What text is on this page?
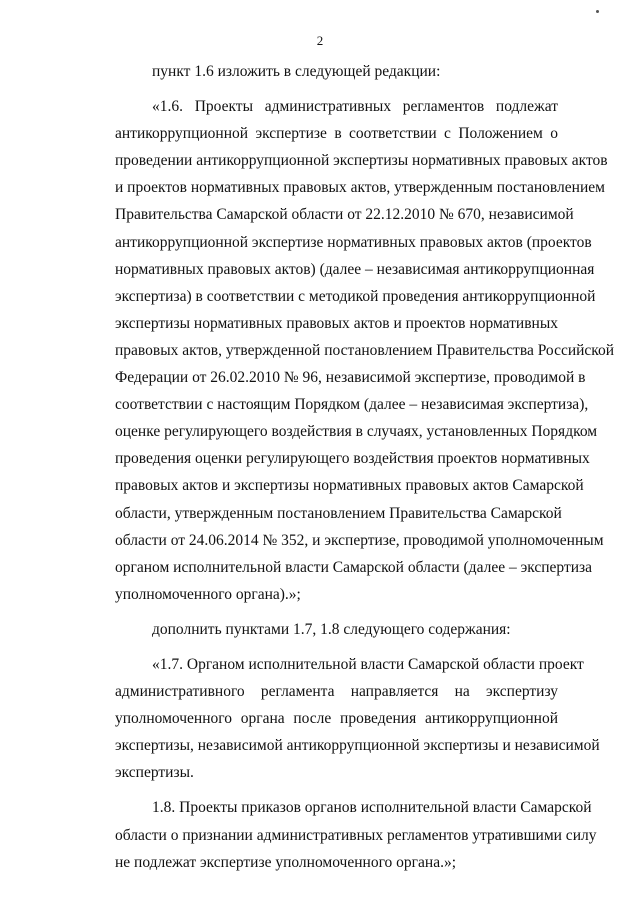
2
пункт 1.6 изложить в следующей редакции:
«1.6. Проекты административных регламентов подлежат
антикоррупционной экспертизе в соответствии с Положением о
проведении антикоррупционной экспертизы нормативных правовых актов
и проектов нормативных правовых актов, утвержденным постановлением
Правительства Самарской области от 22.12.2010 № 670, независимой
антикоррупционной экспертизе нормативных правовых актов (проектов
нормативных правовых актов) (далее – независимая антикоррупционная
экспертиза) в соответствии с методикой проведения антикоррупционной
экспертизы нормативных правовых актов и проектов нормативных
правовых актов, утвержденной постановлением Правительства Российской
Федерации от 26.02.2010 № 96, независимой экспертизе, проводимой в
соответствии с настоящим Порядком (далее – независимая экспертиза),
оценке регулирующего воздействия в случаях, установленных Порядком
проведения оценки регулирующего воздействия проектов нормативных
правовых актов и экспертизы нормативных правовых актов Самарской
области, утвержденным постановлением Правительства Самарской
области от 24.06.2014 № 352, и экспертизе, проводимой уполномоченным
органом исполнительной власти Самарской области (далее – экспертиза
уполномоченного органа).»;
дополнить пунктами 1.7, 1.8 следующего содержания:
«1.7. Органом исполнительной власти Самарской области проект
административного регламента направляется на экспертизу
уполномоченного органа после проведения антикоррупционной
экспертизы, независимой антикоррупционной экспертизы и независимой
экспертизы.
1.8. Проекты приказов органов исполнительной власти Самарской
области о признании административных регламентов утратившими силу
не подлежат экспертизе уполномоченного органа.»;
